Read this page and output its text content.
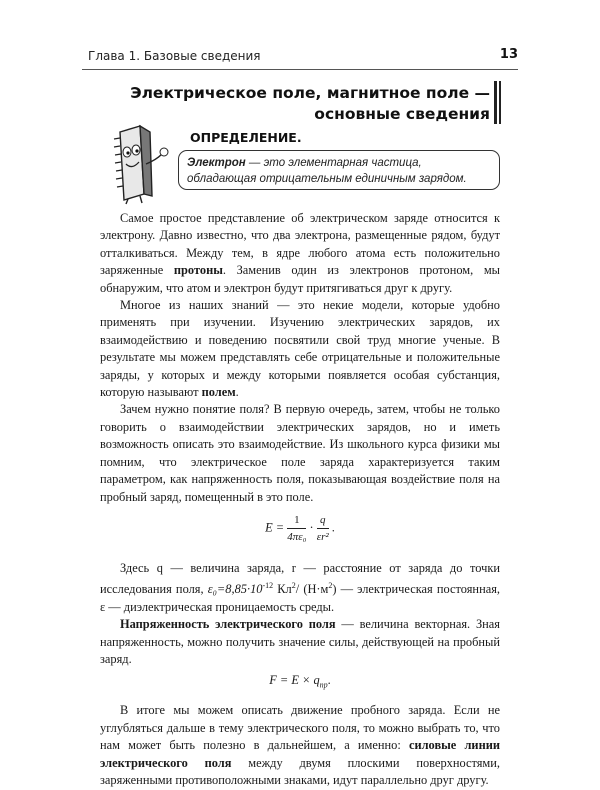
Глава 1. Базовые сведения	13
Электрическое поле, магнитное поле —
основные сведения
ОПРЕДЕЛЕНИЕ.
Электрон — это элементарная частица, обладающая отрицательным единичным зарядом.

Самое простое представление об электрическом заряде относится к электрону. Давно известно, что два электрона, размещенные рядом, будут отталкиваться. Между тем, в ядре любого атома есть положительно заряженные протоны. Заменив один из электронов протоном, мы обнаружим, что атом и электрон будут притягиваться друг к другу.

Многое из наших знаний — это некие модели, которые удобно применять при изучении. Изучению электрических зарядов, их взаимодействию и поведению посвятили свой труд многие ученые. В результате мы можем представлять себе отрицательные и положительные заряды, у которых и между которыми появляется особая субстанция, которую называют полем.

Зачем нужно понятие поля? В первую очередь, затем, чтобы не только говорить о взаимодействии электрических зарядов, но и иметь возможность описать это взаимодействие. Из школьного курса физики мы помним, что электрическое поле заряда характеризуется таким параметром, как напряженность поля, показывающая воздействие поля на пробный заряд, помещенный в это поле.

$E = \frac{1}{\text{4πε₀}} \cdot \frac{q}{\text{εr²}}$ .

Здесь q — величина заряда, r — расстояние от заряда до точки исследования поля, $\varepsilon_0=8,85\cdot 10^{-12}$ $Кл^2/$ $(Н\cdot м^2)$ — электрическая постоянная, ε — диэлектрическая проницаемость среды.

Напряженность электрического поля — величина векторная. Зная напряженность, можно получить значение силы, действующей на пробный заряд.

$F = E \times q_{пр}$.

В итоге мы можем описать движение пробного заряда. Если не углубляться дальше в тему электрического поля, то можно выбрать то, что нам может быть полезно в дальнейшем, а именно: силовые линии электрического поля между двумя плоскими поверхностями, заряженными противоположными знаками, идут параллельно друг другу.
